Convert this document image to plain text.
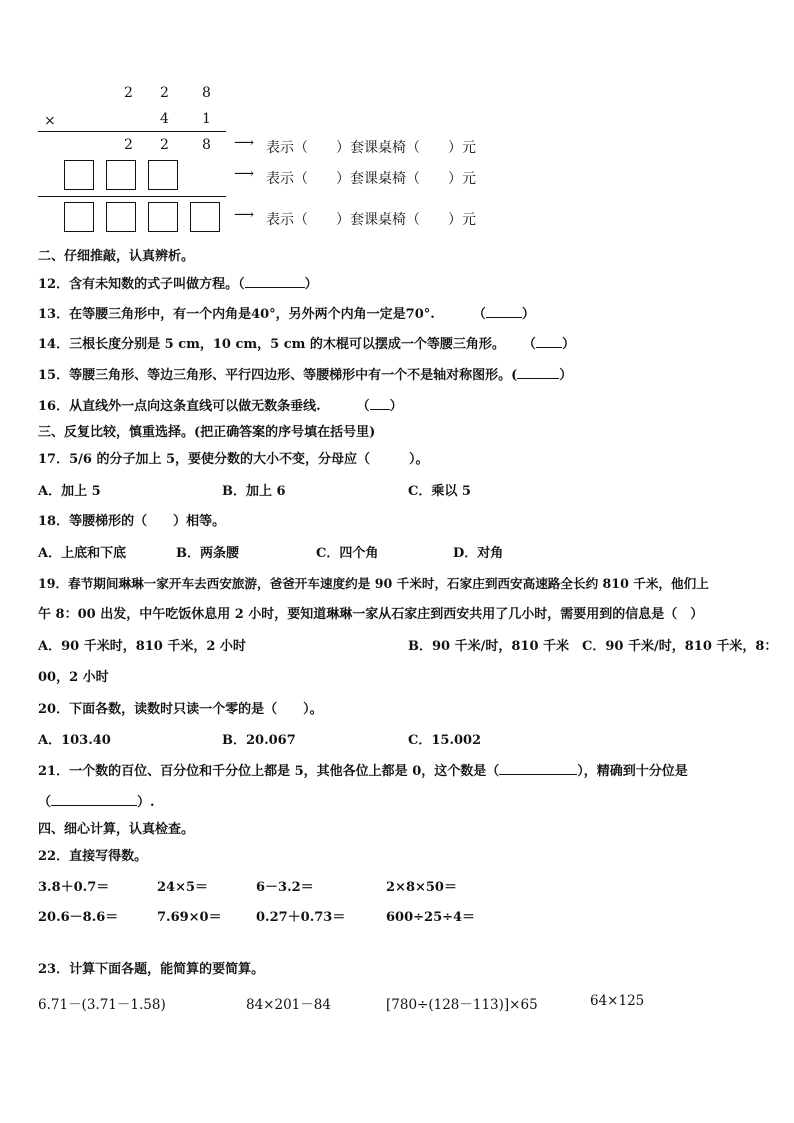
2 2 8
×	4 1
2 2 8 ⟶ 表示（　　）套课桌椅（　　）元
⟶ 表示（　　）套课桌椅（　　）元
⟶ 表示（　　）套课桌椅（　　）元
二、仔细推敲，认真辨析。
12．含有未知数的式子叫做方程。（	）
13．在等腰三角形中，有一个内角是40°，另外两个内角一定是70°.	（	）
14．三根长度分别是 5 cm，10 cm，5 cm 的木棍可以摆成一个等腰三角形。 （ ）
15．等腰三角形、等边三角形、平行四边形、等腰梯形中有一个不是轴对称图形。(	）
16．从直线外一点向这条直线可以做无数条垂线.	（ ）
三、反复比较，慎重选择。(把正确答案的序号填在括号里)
17．5/6 的分子加上 5，要使分数的大小不变，分母应（　　　）。
A．加上 5	B．加上 6	C．乘以 5
18．等腰梯形的（　　）相等。
A．上底和下底	B．两条腰	C．四个角	D．对角
19．春节期间琳琳一家开车去西安旅游，爸爸开车速度约是 90 千米时，石家庄到西安高速路全长约 810 千米，他们上
午 8：00 出发，中午吃饭休息用 2 小时，要知道琳琳一家从石家庄到西安共用了几小时，需要用到的信息是（　）
A．90 千米时，810 千米，2 小时	B．90 千米/时，810 千米　C．90 千米/时，810 千米，8：
00，2 小时
20．下面各数，读数时只读一个零的是（　　）。
A．103.40	B．20.067	C．15.002
21．一个数的百位、百分位和千分位上都是 5，其他各位上都是 0，这个数是（	），精确到十分位是
（	）.
四、细心计算，认真检查。
22．直接写得数。
3.8＋0.7＝	24×5＝	6－3.2＝	2×8×50＝
20.6－8.6＝	7.69×0＝	0.27＋0.73＝	600÷25÷4＝
23．计算下面各题，能简算的要简算。
6.71－(3.71－1.58)	84×201－84	[780÷(128－113)]×65	64×125
